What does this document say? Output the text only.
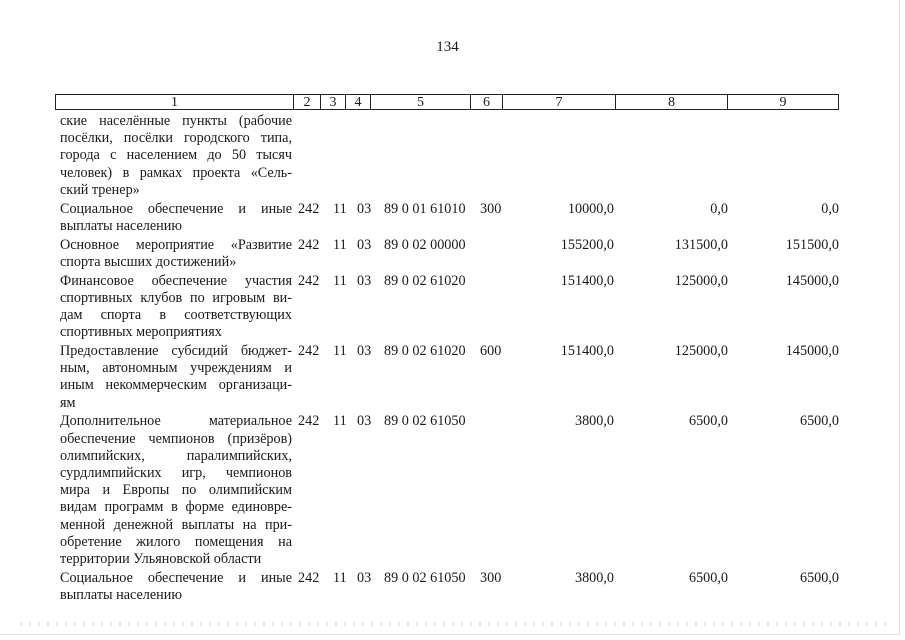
134
1	2	3	4	5	6	7	8	9
ские населённые пункты (рабочие
посёлки, посёлки городского типа,
города с населением до 50 тысяч
человек) в рамках проекта «Сель-
ский тренер»
Социальное обеспечение и иные
выплаты населению
242 11 03 89 0 01 61010 300	10000,0	0,0	0,0
Основное мероприятие «Развитие
спорта высших достижений»
242 11 03 89 0 02 00000	155200,0	131500,0	151500,0
Финансовое обеспечение участия
спортивных клубов по игровым ви-
дам спорта в соответствующих
спортивных мероприятиях
242 11 03 89 0 02 61020	151400,0	125000,0	145000,0
Предоставление субсидий бюджет-
ным, автономным учреждениям и
иным некоммерческим организаци-
ям
242 11 03 89 0 02 61020 600	151400,0	125000,0	145000,0
Дополнительное материальное
обеспечение чемпионов (призёров)
олимпийских, паралимпийских,
сурдлимпийских игр, чемпионов
мира и Европы по олимпийским
видам программ в форме единовре-
менной денежной выплаты на при-
обретение жилого помещения на
территории Ульяновской области
242 11 03 89 0 02 61050	3800,0	6500,0	6500,0
Социальное обеспечение и иные
выплаты населению
242 11 03 89 0 02 61050 300	3800,0	6500,0	6500,0
